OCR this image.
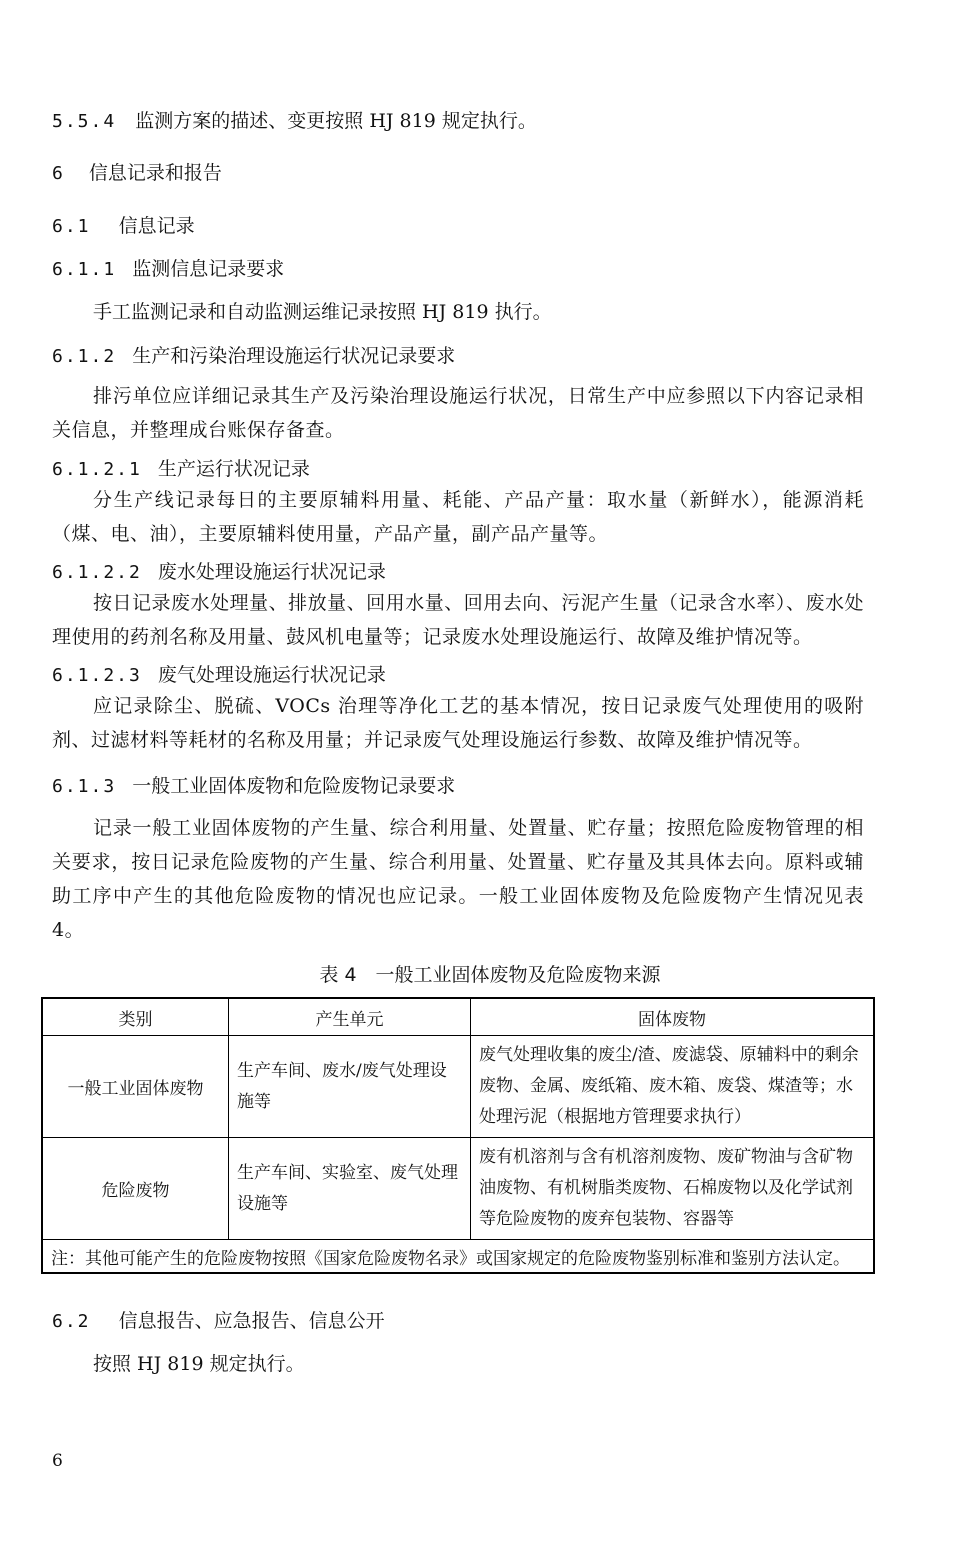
5.5.4 监测方案的描述、变更按照 HJ 819 规定执行。
6 信息记录和报告
6.1 信息记录
6.1.1 监测信息记录要求
手工监测记录和自动监测运维记录按照 HJ 819 执行。
6.1.2 生产和污染治理设施运行状况记录要求
排污单位应详细记录其生产及污染治理设施运行状况，日常生产中应参照以下内容记录相关信息，并整理成台账保存备查。
6.1.2.1 生产运行状况记录
分生产线记录每日的主要原辅料用量、耗能、产品产量：取水量（新鲜水），能源消耗（煤、电、油），主要原辅料使用量，产品产量，副产品产量等。
6.1.2.2 废水处理设施运行状况记录
按日记录废水处理量、排放量、回用水量、回用去向、污泥产生量（记录含水率）、废水处理使用的药剂名称及用量、鼓风机电量等；记录废水处理设施运行、故障及维护情况等。
6.1.2.3 废气处理设施运行状况记录
应记录除尘、脱硫、VOCs 治理等净化工艺的基本情况，按日记录废气处理使用的吸附剂、过滤材料等耗材的名称及用量；并记录废气处理设施运行参数、故障及维护情况等。
6.1.3 一般工业固体废物和危险废物记录要求
记录一般工业固体废物的产生量、综合利用量、处置量、贮存量；按照危险废物管理的相关要求，按日记录危险废物的产生量、综合利用量、处置量、贮存量及其具体去向。原料或辅助工序中产生的其他危险废物的情况也应记录。一般工业固体废物及危险废物产生情况见表 4。
表 4　一般工业固体废物及危险废物来源
类别	产生单元	固体废物
一般工业固体废物	生产车间、废水/废气处理设施等	废气处理收集的废尘/渣、废滤袋、原辅料中的剩余废物、金属、废纸箱、废木箱、废袋、煤渣等；水处理污泥（根据地方管理要求执行）
危险废物	生产车间、实验室、废气处理设施等	废有机溶剂与含有机溶剂废物、废矿物油与含矿物油废物、有机树脂类废物、石棉废物以及化学试剂等危险废物的废弃包装物、容器等
注：其他可能产生的危险废物按照《国家危险废物名录》或国家规定的危险废物鉴别标准和鉴别方法认定。		
6.2 信息报告、应急报告、信息公开
按照 HJ 819 规定执行。
6
